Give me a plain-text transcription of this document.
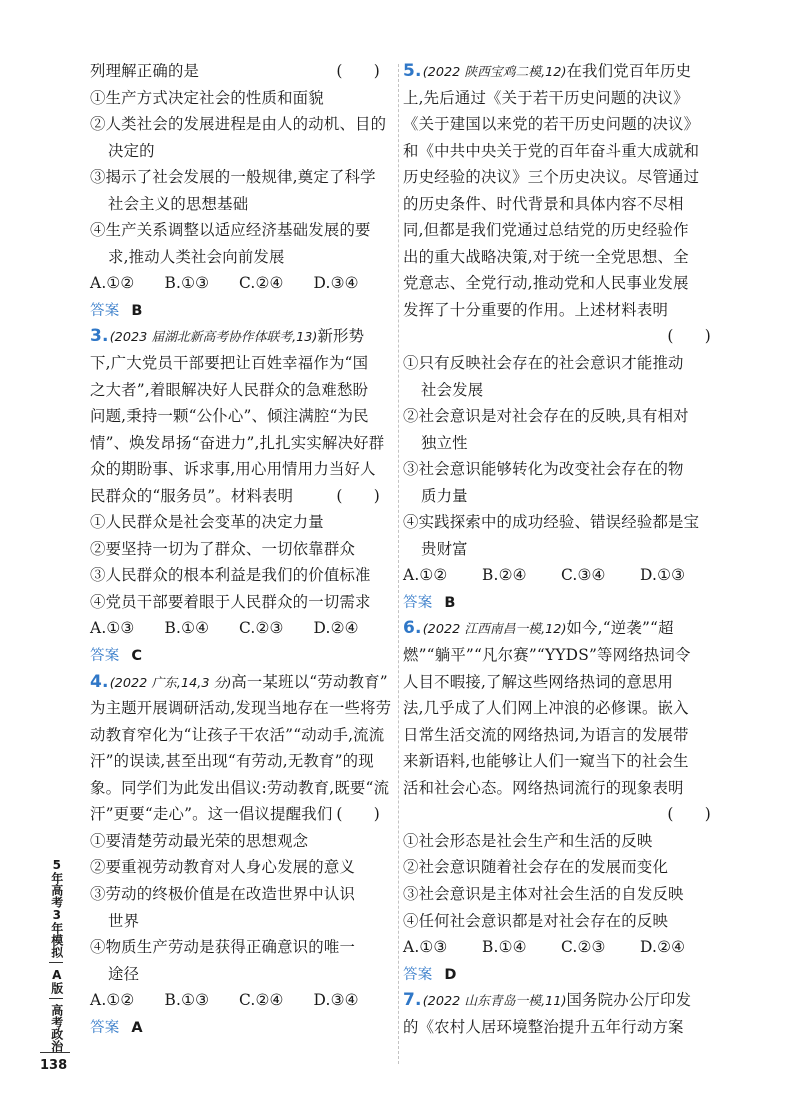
列理解正确的是	(　　)
①生产方式决定社会的性质和面貌
②人类社会的发展进程是由人的动机、目的
决定的
③揭示了社会发展的一般规律,奠定了科学
社会主义的思想基础
④生产关系调整以适应经济基础发展的要
求,推动人类社会向前发展
A.①②	B.①③	C.②④	D.③④
答案 B
3.(2023 届湖北新高考协作体联考,13)新形势
下,广大党员干部要把让百姓幸福作为“国
之大者”,着眼解决好人民群众的急难愁盼
问题,秉持一颗“公仆心”、倾注满腔“为民
情”、焕发昂扬“奋进力”,扎扎实实解决好群
众的期盼事、诉求事,用心用情用力当好人
民群众的“服务员”。材料表明	(　　)
①人民群众是社会变革的决定力量
②要坚持一切为了群众、一切依靠群众
③人民群众的根本利益是我们的价值标准
④党员干部要着眼于人民群众的一切需求
A.①③	B.①④	C.②③	D.②④
答案 C
4.(2022 广东,14,3 分)高一某班以“劳动教育”
为主题开展调研活动,发现当地存在一些将劳
动教育窄化为“让孩子干农活”“动动手,流流
汗”的误读,甚至出现“有劳动,无教育”的现
象。同学们为此发出倡议:劳动教育,既要“流
汗”更要“走心”。这一倡议提醒我们 (　　)
①要清楚劳动最光荣的思想观念
②要重视劳动教育对人身心发展的意义
③劳动的终极价值是在改造世界中认识
世界
④物质生产劳动是获得正确意识的唯一
途径
A.①②	B.①③	C.②④	D.③④
答案 A
5.(2022 陕西宝鸡二模,12)在我们党百年历史
上,先后通过《关于若干历史问题的决议》
《关于建国以来党的若干历史问题的决议》
和《中共中央关于党的百年奋斗重大成就和
历史经验的决议》三个历史决议。尽管通过
的历史条件、时代背景和具体内容不尽相
同,但都是我们党通过总结党的历史经验作
出的重大战略决策,对于统一全党思想、全
党意志、全党行动,推动党和人民事业发展
发挥了十分重要的作用。上述材料表明
(　　)
①只有反映社会存在的社会意识才能推动
社会发展
②社会意识是对社会存在的反映,具有相对
独立性
③社会意识能够转化为改变社会存在的物
质力量
④实践探索中的成功经验、错误经验都是宝
贵财富
A.①②	B.②④	C.③④	D.①③
答案 B
6.(2022 江西南昌一模,12)如今,“逆袭”“超
燃”“躺平”“凡尔赛”“YYDS”等网络热词令
人目不暇接,了解这些网络热词的意思用
法,几乎成了人们网上冲浪的必修课。嵌入
日常生活交流的网络热词,为语言的发展带
来新语料,也能够让人们一窥当下的社会生
活和社会心态。网络热词流行的现象表明
(　　)
①社会形态是社会生产和生活的反映
②社会意识随着社会存在的发展而变化
③社会意识是主体对社会生活的自发反映
④任何社会意识都是对社会存在的反映
A.①③	B.①④	C.②③	D.②④
答案 D
7.(2022 山东青岛一模,11)国务院办公厅印发
的《农村人居环境整治提升五年行动方案
5年高考3年模拟
A版
高考政治
138
